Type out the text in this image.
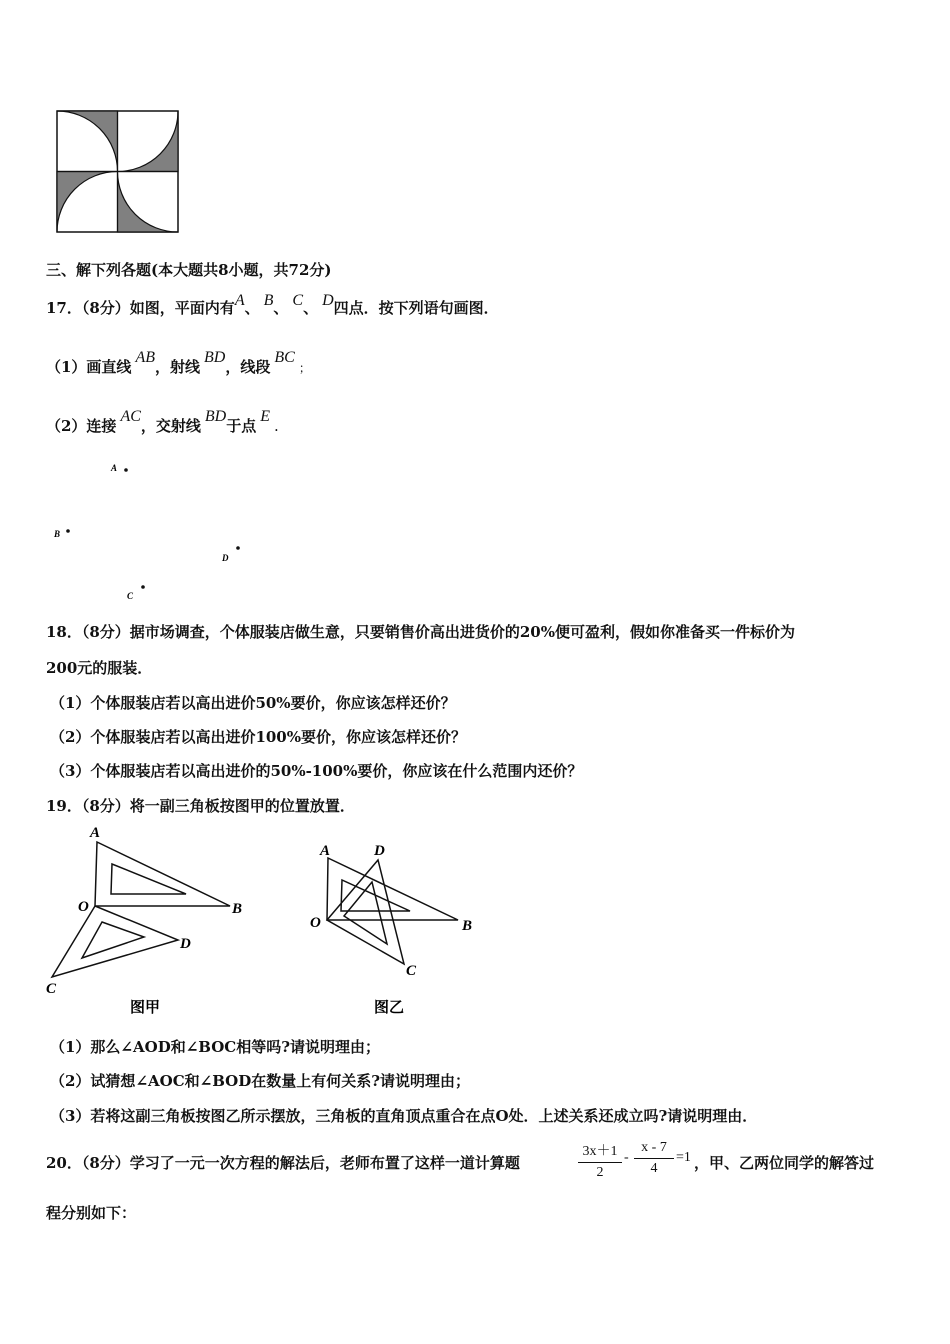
三、解下列各题(本大题共8小题，共72分)
17．（8分）如图，平面内有A、 B、 C、 D四点．按下列语句画图．
（1）画直线AB，射线BD，线段BC；
（2）连接AC，交射线BD于点E.
A
B
D
C
18．（8分）据市场调查，个体服装店做生意，只要销售价高出进货价的20%便可盈利，假如你准备买一件标价为
200元的服装．
（1）个体服装店若以高出进价50%要价，你应该怎样还价？
（2）个体服装店若以高出进价100%要价，你应该怎样还价？
（3）个体服装店若以高出进价的50%-100%要价，你应该在什么范围内还价？
19．（8分）将一副三角板按图甲的位置放置．
A
O	B
D
C
图甲
A	D
O	B
C
图乙
（1）那么∠AOD和∠BOC相等吗?请说明理由；
（2）试猜想∠AOC和∠BOD在数量上有何关系?请说明理由；
（3）若将这副三角板按图乙所示摆放，三角板的直角顶点重合在点O处．上述关系还成立吗?请说明理由．
20．（8分）学习了一元一次方程的解法后，老师布置了这样一道计算题
3x＋1
2
-
x - 7
4
=1 ，甲、乙两位同学的解答过
程分别如下：
